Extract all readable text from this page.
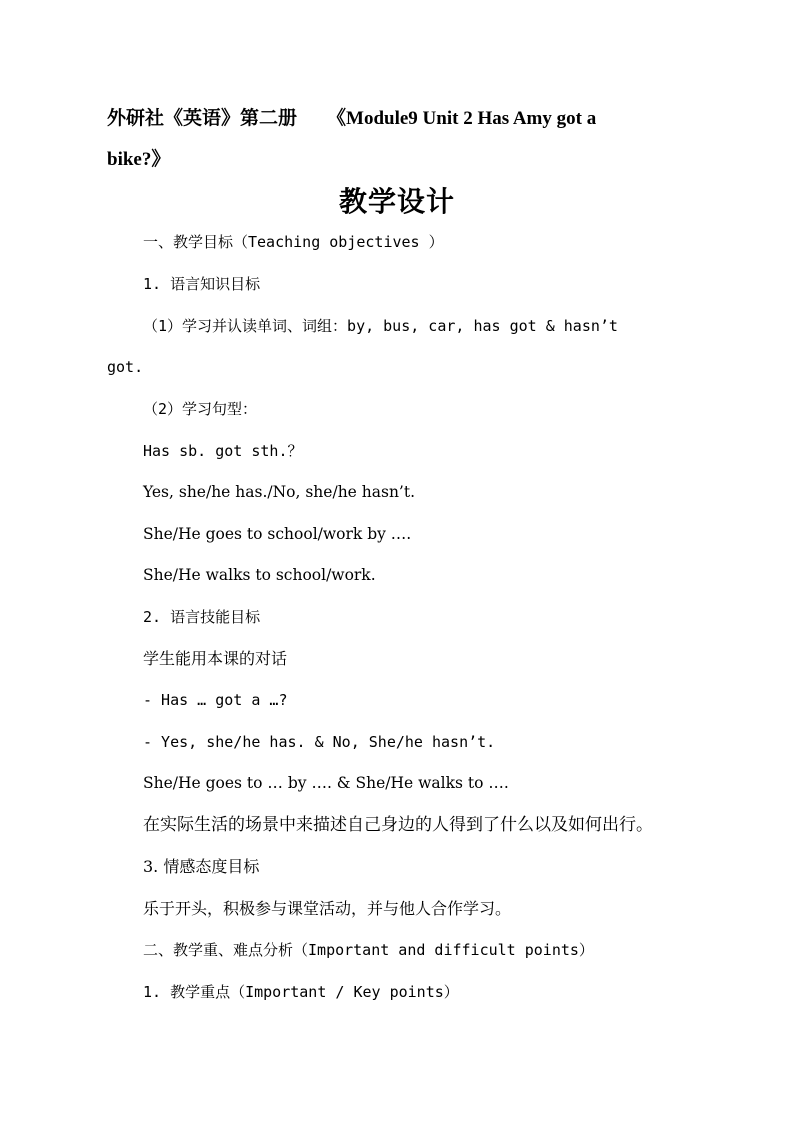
外研社《英语》第二册 《Module9 Unit 2 Has Amy got a
bike?》
教学设计
一、教学目标（Teaching objectives ）
1. 语言知识目标
（1）学习并认读单词、词组：by, bus, car, has got & hasn’t
got.
（2）学习句型：
Has sb. got sth.？
Yes, she/he has./No, she/he hasn’t.
She/He goes to school/work by ….
She/He walks to school/work.
2. 语言技能目标
学生能用本课的对话
- Has … got a …?
- Yes, she/he has. & No, She/he hasn’t.
She/He goes to … by …. & She/He walks to ….
在实际生活的场景中来描述自己身边的人得到了什么以及如何出行。
3. 情感态度目标
乐于开头，积极参与课堂活动，并与他人合作学习。
二、教学重、难点分析（Important and difficult points）
1. 教学重点（Important / Key points）
